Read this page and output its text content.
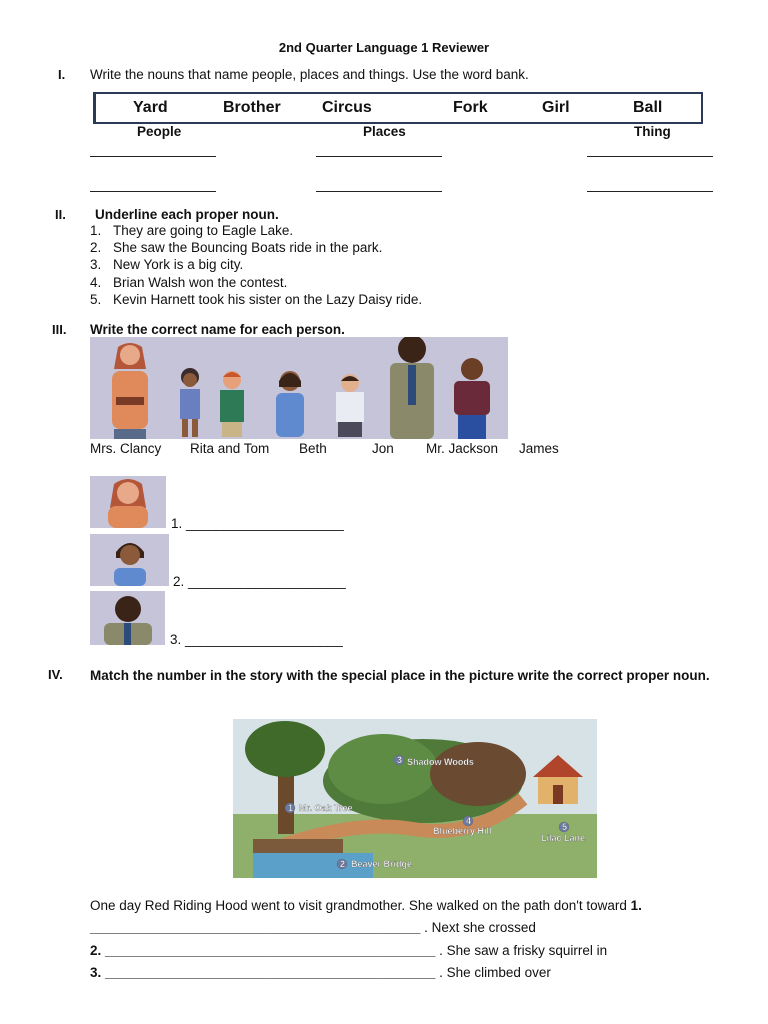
2nd Quarter Language 1 Reviewer
I. Write the nouns that name people, places and things. Use the word bank.
Yard	Brother	Circus	Fork	Girl	Ball
People	Places	Thing
II. Underline each proper noun.
1. They are going to Eagle Lake.
2. She saw the Bouncing Boats ride in the park.
3. New York is a big city.
4. Brian Walsh won the contest.
5. Kevin Harnett took his sister on the Lazy Daisy ride.
III. Write the correct name for each person.
Mrs. Clancy Rita and Tom Beth	Jon Mr. Jackson James
1. _____________________
2. _____________________
3. _____________________
IV. Match the number in the story with the special place in the picture write the correct proper noun.
1 Mr. Oak Tree
2 Beaver Bridge
3 Shadow Woods
4
Blueberry Hill	5
Lilac Lane
One day Red Riding Hood went to visit grandmother. She walked on the path don't toward 1.
____________________________________________ . Next she crossed
2. ____________________________________________ . She saw a frisky squirrel in
3. ____________________________________________ . She climbed over
